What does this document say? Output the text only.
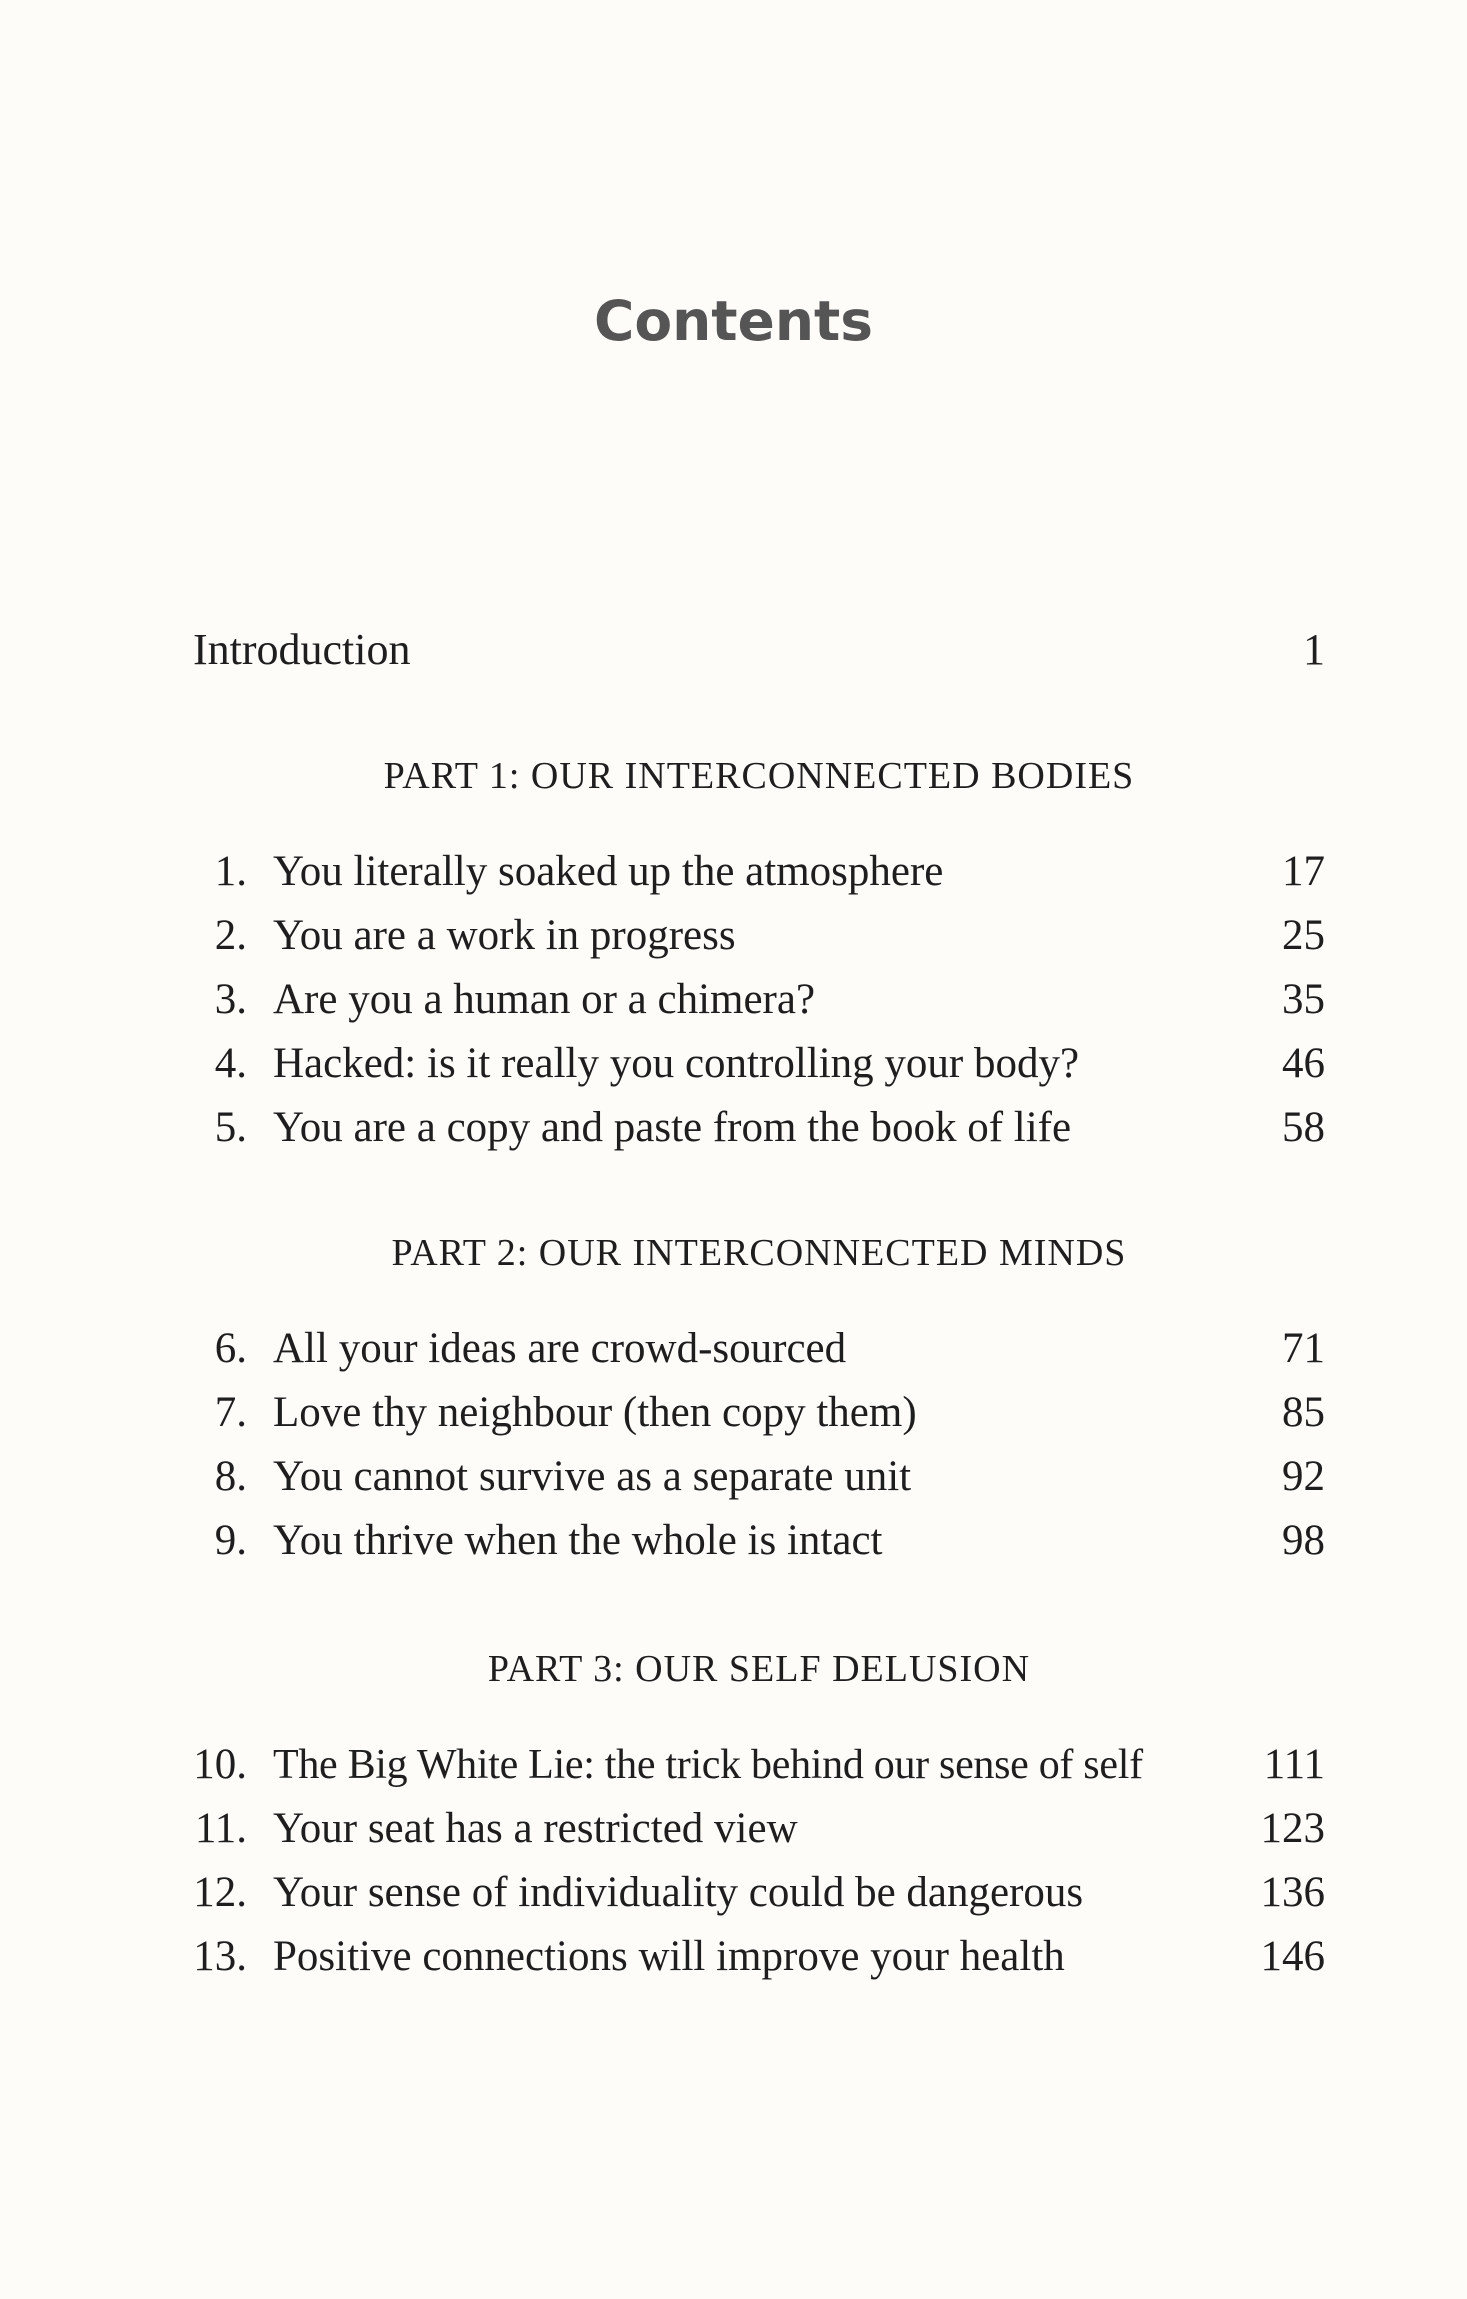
Contents
Introduction	1
PART 1: OUR INTERCONNECTED BODIES
1. You literally soaked up the atmosphere	17
2. You are a work in progress	25
3. Are you a human or a chimera?	35
4. Hacked: is it really you controlling your body?	46
5. You are a copy and paste from the book of life	58
PART 2: OUR INTERCONNECTED MINDS
6. All your ideas are crowd-sourced	71
7. Love thy neighbour (then copy them)	85
8. You cannot survive as a separate unit	92
9. You thrive when the whole is intact	98
PART 3: OUR SELF DELUSION
10. The Big White Lie: the trick behind our sense of self	111
11. Your seat has a restricted view	123
12. Your sense of individuality could be dangerous	136
13. Positive connections will improve your health	146
